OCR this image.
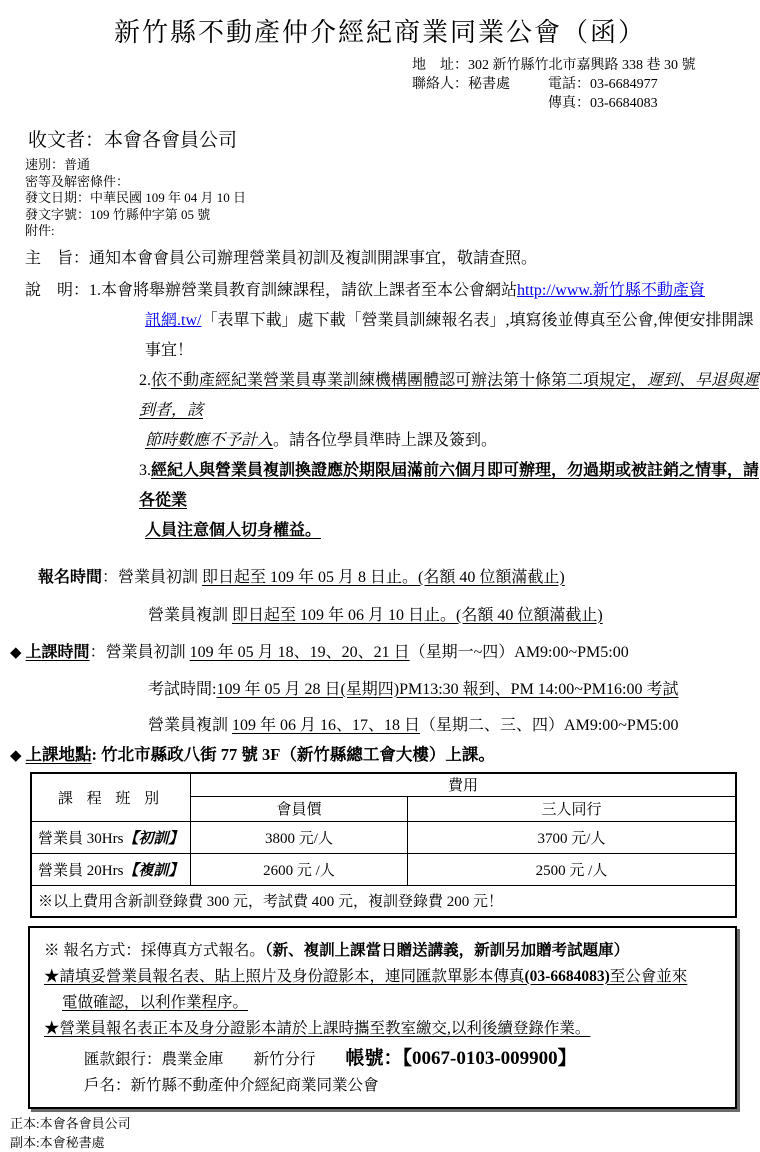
新竹縣不動產仲介經紀商業同業公會（函）
地　址：302 新竹縣竹北市嘉興路 338 巷 30 號
聯絡人：秘書處	電話：03-6684977
傳真：03-6684083
收文者：本會各會員公司
速別：普通
密等及解密條件：
發文日期：中華民國 109 年 04 月 10 日
發文字號：109 竹縣仲字第 05 號
附件:
主　旨：通知本會會員公司辦理營業員初訓及複訓開課事宜，敬請查照。
說　明：1.本會將舉辦營業員教育訓練課程，請欲上課者至本公會網站http://www.新竹縣不動產資
訊網.tw/「表單下載」處下載「營業員訓練報名表」,填寫後並傳真至公會,俾便安排開課事宜！
2.依不動產經紀業營業員專業訓練機構團體認可辦法第十條第二項規定，遲到、早退與遲到者，該
節時數應不予計入。請各位學員準時上課及簽到。
3.經紀人與營業員複訓換證應於期限屆滿前六個月即可辦理，勿過期或被註銷之情事，請各從業
人員注意個人切身權益。
報名時間：營業員初訓 即日起至 109 年 05 月 8 日止。(名額 40 位額滿截止)
營業員複訓 即日起至 109 年 06 月 10 日止。(名額 40 位額滿截止)
◆ 上課時間：營業員初訓 109 年 05 月 18、19、20、21 日（星期一~四）AM9:00~PM5:00
考試時間:109 年 05 月 28 日(星期四)PM13:30 報到、PM 14:00~PM16:00 考試
營業員複訓 109 年 06 月 16、17、18 日（星期二、三、四）AM9:00~PM5:00
◆ 上課地點: 竹北市縣政八街 77 號 3F（新竹縣總工會大樓）上課。
課 程 班 別	費用	
	會員價	三人同行
營業員 30Hrs【初訓】	3800 元/人	3700 元/人
營業員 20Hrs【複訓】	2600 元 /人	2500 元 /人
※以上費用含新訓登錄費 300 元，考試費 400 元，複訓登錄費 200 元！		
※ 報名方式：採傳真方式報名。（新、複訓上課當日贈送講義，新訓另加贈考試題庫）
★請填妥營業員報名表、貼上照片及身份證影本，連同匯款單影本傳真(03-6684083)至公會並來
電做確認，以利作業程序。
★營業員報名表正本及身分證影本請於上課時攜至教室繳交,以利後續登錄作業。
匯款銀行：農業金庫 新竹分行 帳號：【0067-0103-009900】
戶名：新竹縣不動產仲介經紀商業同業公會
正本:本會各會員公司
副本:本會秘書處
